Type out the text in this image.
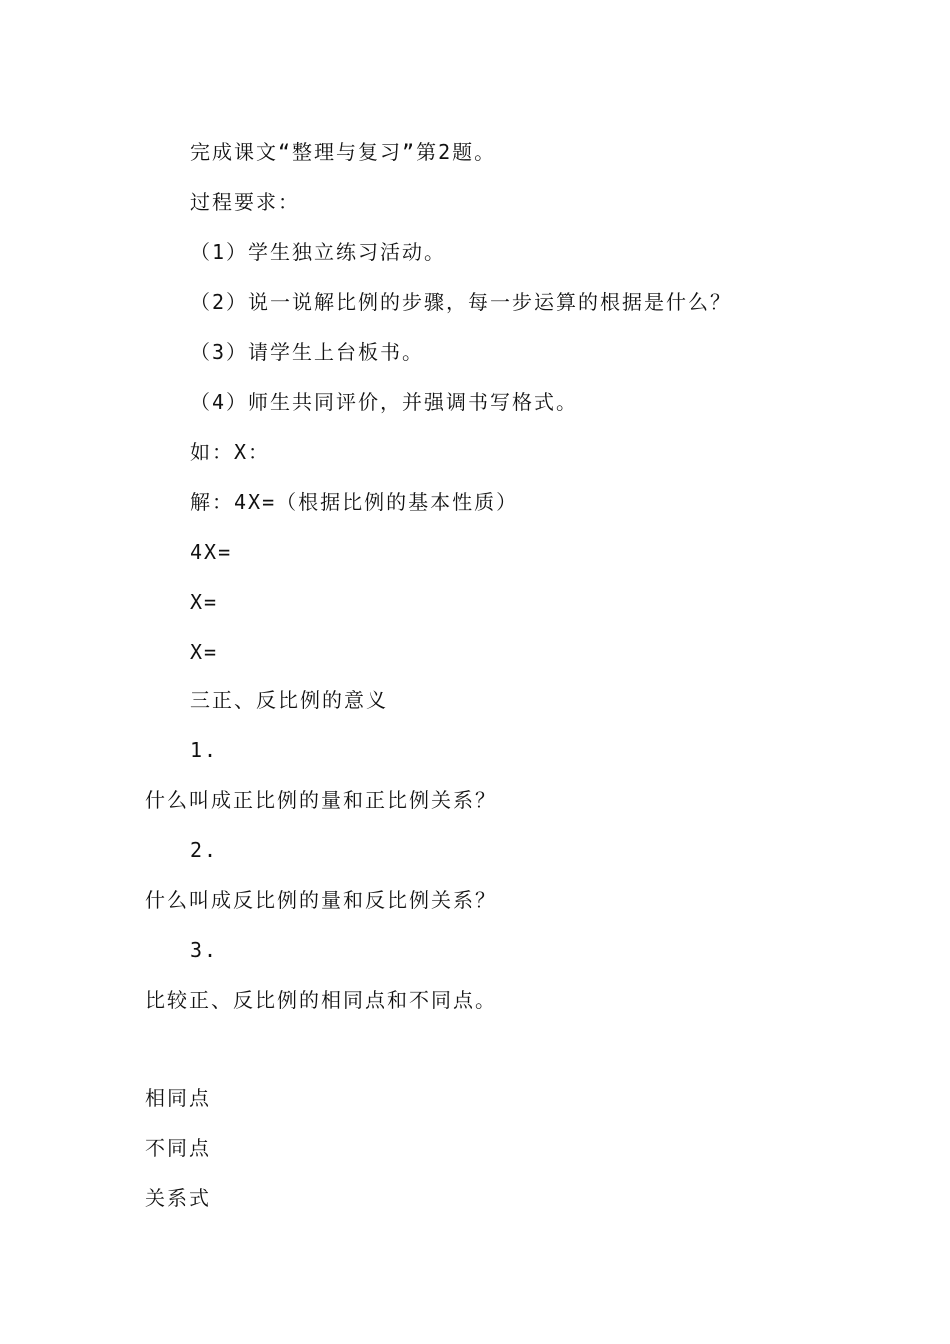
完成课文“整理与复习”第2题。
过程要求：
（1）学生独立练习活动。
（2）说一说解比例的步骤，每一步运算的根据是什么？
（3）请学生上台板书。
（4）师生共同评价，并强调书写格式。
如：X：
解：4X=（根据比例的基本性质）
4X=
X=
X=
三正、反比例的意义
1.
什么叫成正比例的量和正比例关系？
2.
什么叫成反比例的量和反比例关系？
3.
比较正、反比例的相同点和不同点。
相同点
不同点
关系式
